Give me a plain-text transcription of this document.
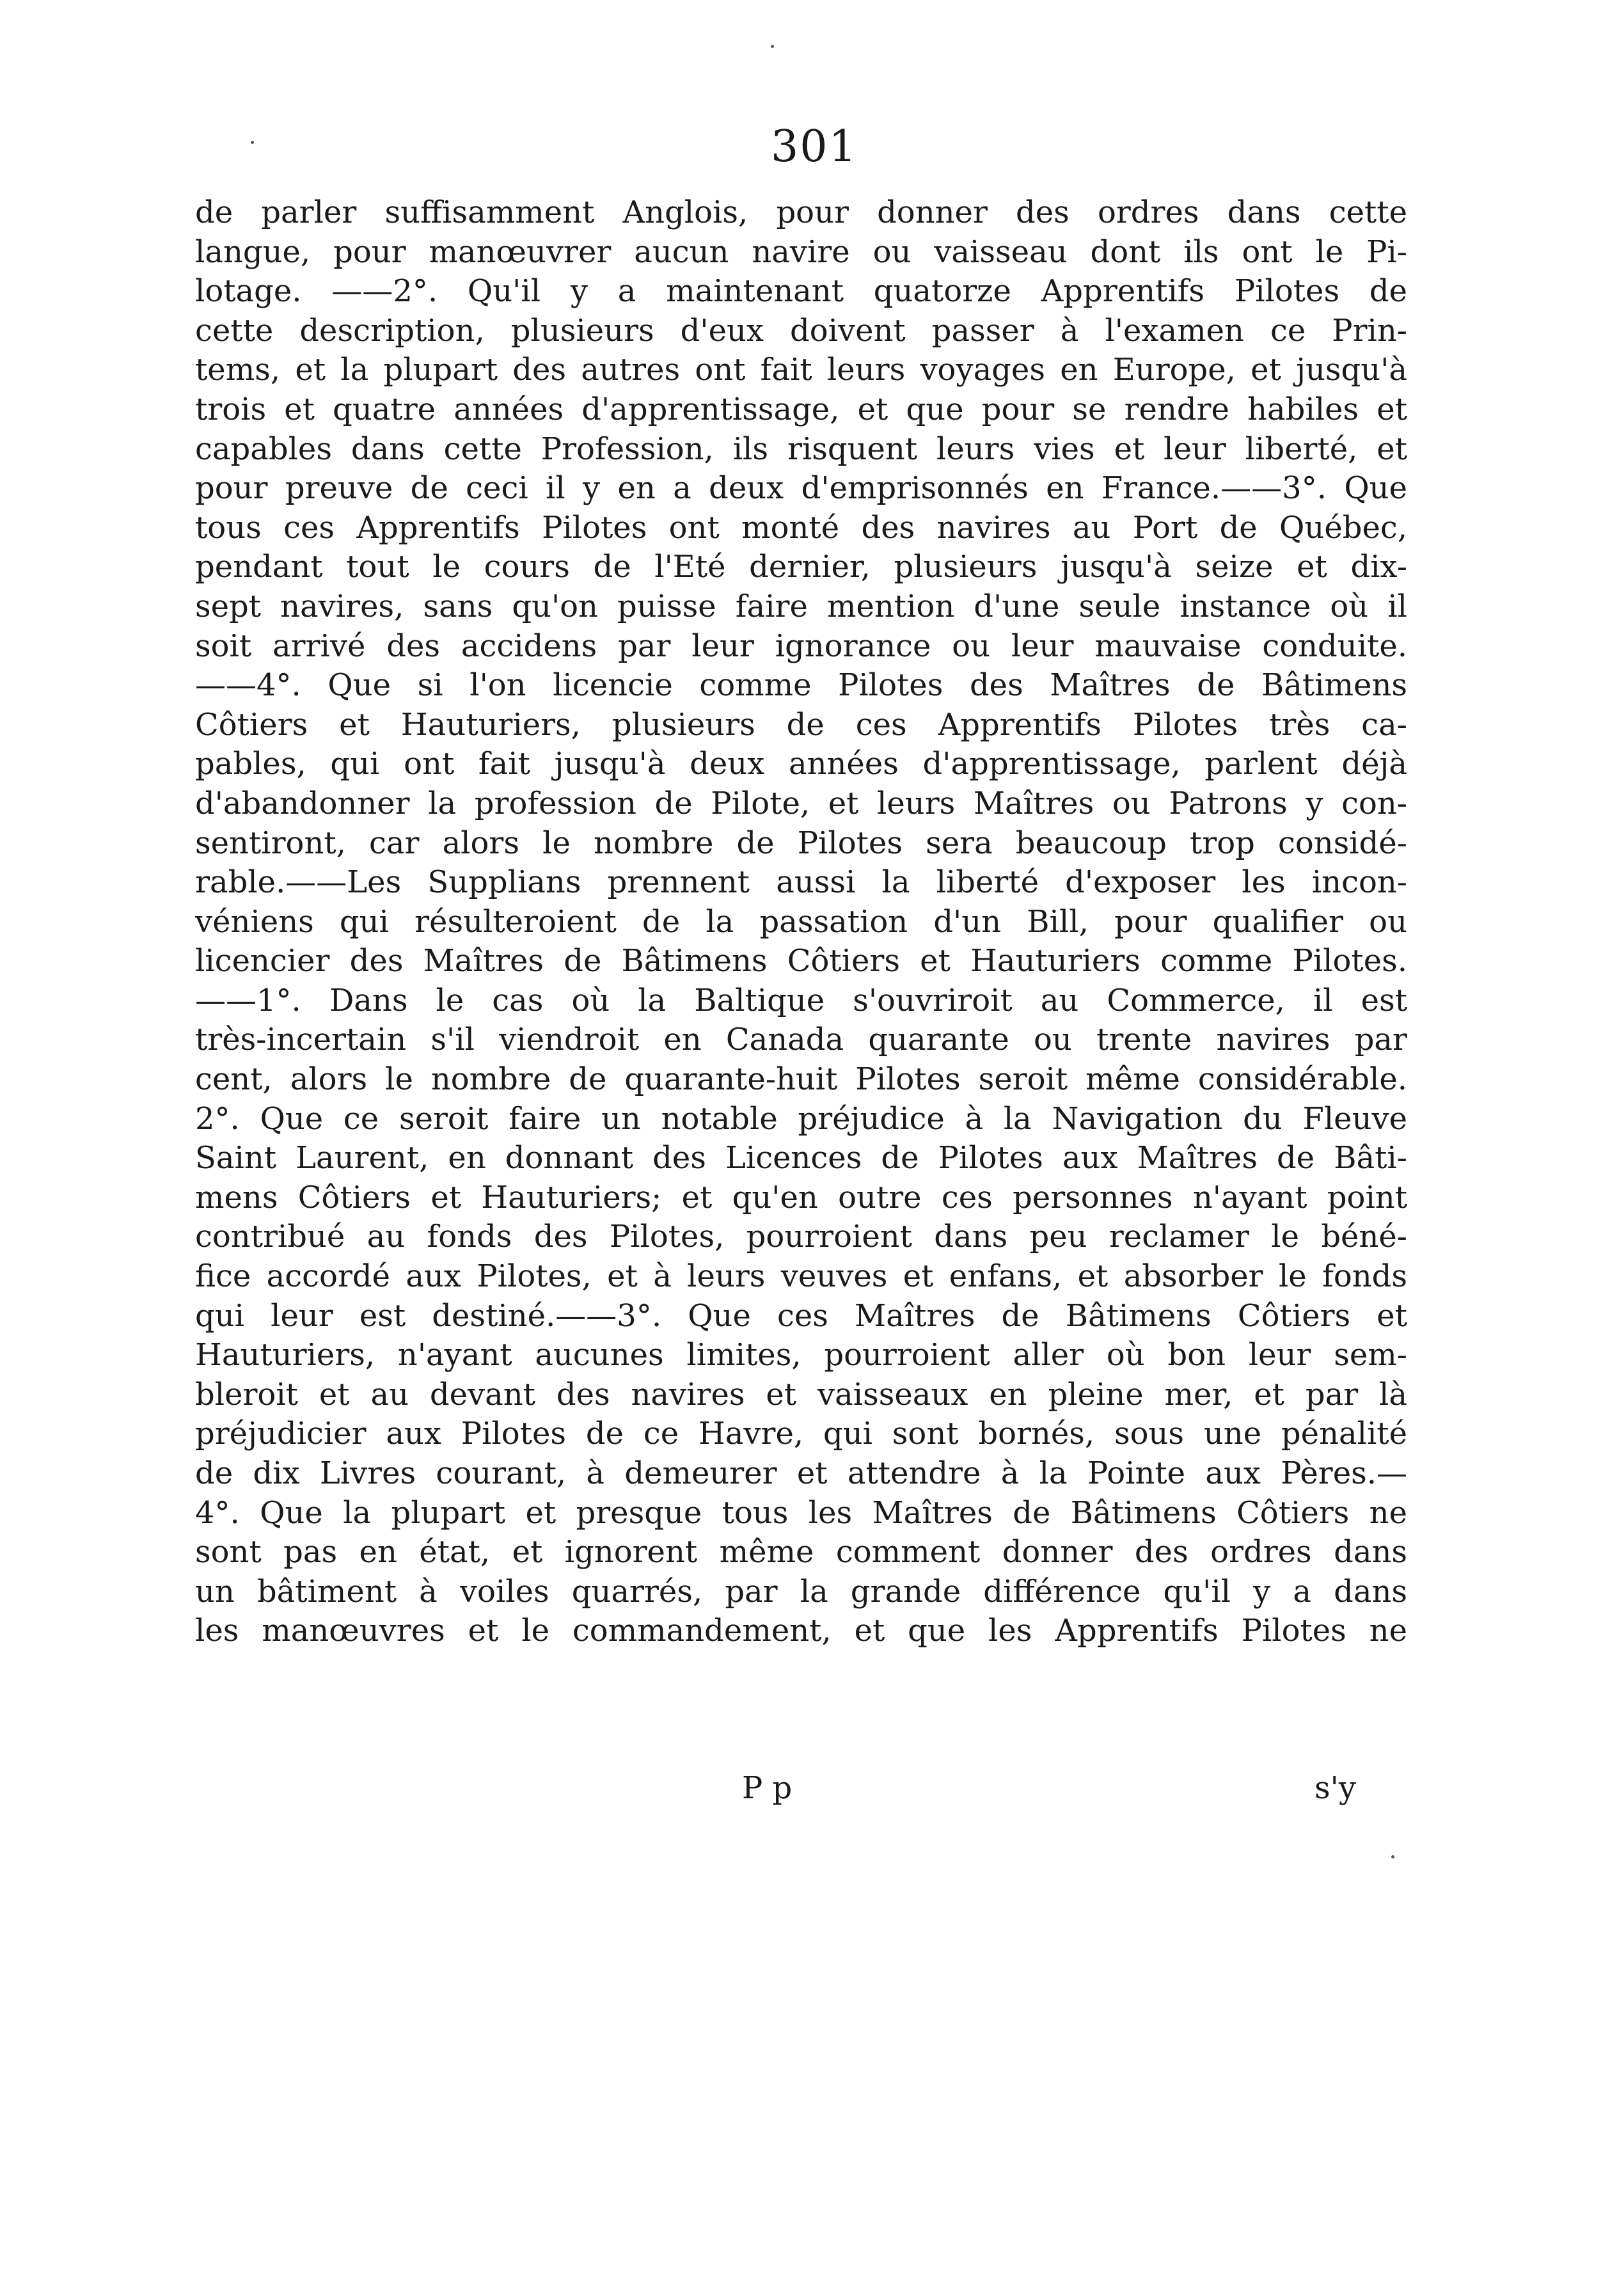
301
de parler suffisamment Anglois, pour donner des ordres dans cette
langue, pour manœuvrer aucun navire ou vaisseau dont ils ont le Pi-
lotage. ——2°. Qu'il y a maintenant quatorze Apprentifs Pilotes de
cette description, plusieurs d'eux doivent passer à l'examen ce Prin-
tems, et la plupart des autres ont fait leurs voyages en Europe, et jusqu'à
trois et quatre années d'apprentissage, et que pour se rendre habiles et
capables dans cette Profession, ils risquent leurs vies et leur liberté, et
pour preuve de ceci il y en a deux d'emprisonnés en France.——3°. Que
tous ces Apprentifs Pilotes ont monté des navires au Port de Québec,
pendant tout le cours de l'Eté dernier, plusieurs jusqu'à seize et dix-
sept navires, sans qu'on puisse faire mention d'une seule instance où il
soit arrivé des accidens par leur ignorance ou leur mauvaise conduite.
——4°. Que si l'on licencie comme Pilotes des Maîtres de Bâtimens
Côtiers et Hauturiers, plusieurs de ces Apprentifs Pilotes très ca-
pables, qui ont fait jusqu'à deux années d'apprentissage, parlent déjà
d'abandonner la profession de Pilote, et leurs Maîtres ou Patrons y con-
sentiront, car alors le nombre de Pilotes sera beaucoup trop considé-
rable.——Les Supplians prennent aussi la liberté d'exposer les incon-
véniens qui résulteroient de la passation d'un Bill, pour qualifier ou
licencier des Maîtres de Bâtimens Côtiers et Hauturiers comme Pilotes.
——1°. Dans le cas où la Baltique s'ouvriroit au Commerce, il est
très-incertain s'il viendroit en Canada quarante ou trente navires par
cent, alors le nombre de quarante-huit Pilotes seroit même considérable.
2°. Que ce seroit faire un notable préjudice à la Navigation du Fleuve
Saint Laurent, en donnant des Licences de Pilotes aux Maîtres de Bâti-
mens Côtiers et Hauturiers; et qu'en outre ces personnes n'ayant point
contribué au fonds des Pilotes, pourroient dans peu reclamer le béné-
fice accordé aux Pilotes, et à leurs veuves et enfans, et absorber le fonds
qui leur est destiné.——3°. Que ces Maîtres de Bâtimens Côtiers et
Hauturiers, n'ayant aucunes limites, pourroient aller où bon leur sem-
bleroit et au devant des navires et vaisseaux en pleine mer, et par là
préjudicier aux Pilotes de ce Havre, qui sont bornés, sous une pénalité
de dix Livres courant, à demeurer et attendre à la Pointe aux Pères.—
4°. Que la plupart et presque tous les Maîtres de Bâtimens Côtiers ne
sont pas en état, et ignorent même comment donner des ordres dans
un bâtiment à voiles quarrés, par la grande différence qu'il y a dans
les manœuvres et le commandement, et que les Apprentifs Pilotes ne
P p	s'y
